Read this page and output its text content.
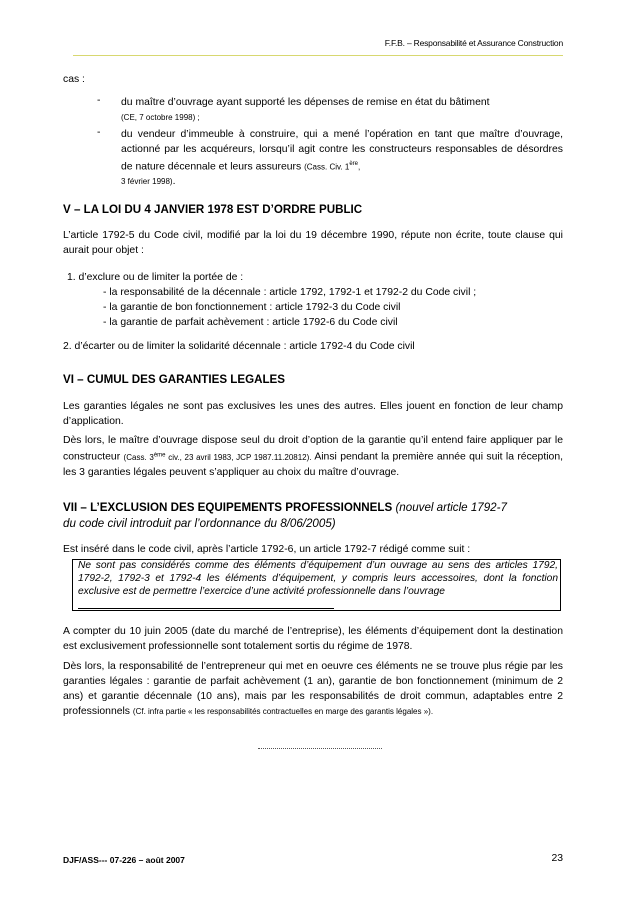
F.F.B. – Responsabilité et Assurance Construction
cas :
- du maître d’ouvrage ayant supporté les dépenses de remise en état du bâtiment
(CE, 7 octobre 1998) ;
- du vendeur d’immeuble à construire, qui a mené l’opération en tant que maître d’ouvrage, actionné par les acquéreurs, lorsqu’il agit contre les constructeurs responsables de désordres de nature décennale et leurs assureurs (Cass. Civ. 1ère,
3 février 1998).
V – LA LOI DU 4 JANVIER 1978 EST D’ORDRE PUBLIC
L’article 1792-5 du Code civil, modifié par la loi du 19 décembre 1990, répute non écrite, toute clause qui aurait pour objet :
1. d’exclure ou de limiter la portée de :
- la responsabilité de la décennale : article 1792, 1792-1 et 1792-2 du Code civil ;
- la garantie de bon fonctionnement : article 1792-3 du Code civil
- la garantie de parfait achèvement : article 1792-6 du Code civil
2. d’écarter ou de limiter la solidarité décennale : article 1792-4 du Code civil
VI – CUMUL DES GARANTIES LEGALES
Les garanties légales ne sont pas exclusives les unes des autres. Elles jouent en fonction de leur champ d’application.
Dès lors, le maître d’ouvrage dispose seul du droit d’option de la garantie qu’il entend faire appliquer par le constructeur (Cass. 3ème civ., 23 avril 1983, JCP 1987.11.20812). Ainsi pendant la première année qui suit la réception, les 3 garanties légales peuvent s’appliquer au choix du maître d’ouvrage.
VII – L’EXCLUSION DES EQUIPEMENTS PROFESSIONNELS (nouvel article 1792-7
du code civil introduit par l’ordonnance du 8/06/2005)
Est inséré dans le code civil, après l’article 1792-6, un article 1792-7 rédigé comme suit :
Ne sont pas considérés comme des éléments d’équipement d’un ouvrage au sens des articles 1792, 1792-2, 1792-3 et 1792-4 les éléments d’équipement, y compris leurs accessoires, dont la fonction exclusive est de permettre l’exercice d’une activité professionnelle dans l’ouvrage
A compter du 10 juin 2005 (date du marché de l’entreprise), les éléments d’équipement dont la destination est exclusivement professionnelle sont totalement sortis du régime de 1978.
Dès lors, la responsabilité de l’entrepreneur qui met en oeuvre ces éléments ne se trouve plus régie par les garanties légales : garantie de parfait achèvement (1 an), garantie de bon fonctionnement (minimum de 2 ans) et garantie décennale (10 ans), mais par les responsabilités de droit commun, adaptables entre 2 professionnels (Cf. infra partie « les responsabilités contractuelles en marge des garantis légales »).
DJF/ASS--- 07-226 – août 2007	23
